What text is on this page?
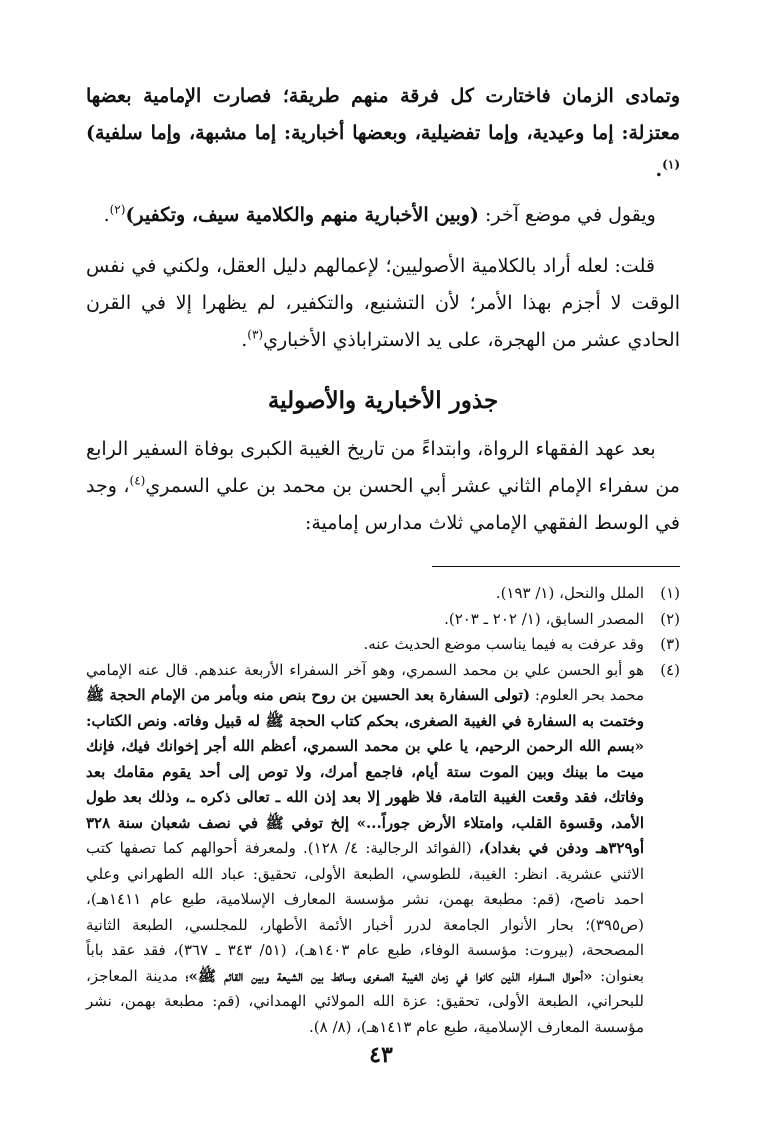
وتمادى الزمان فاختارت كل فرقة منهم طريقة؛ فصارت الإمامية بعضها معتزلة: إما وعيدية، وإما تفضيلية، وبعضها أخبارية: إما مشبهة، وإما سلفية)$^{(١)}$.

ويقول في موضع آخر: (وبين الأخبارية منهم والكلامية سيف، وتكفير)$^{(٢)}$.

قلت: لعله أراد بالكلامية الأصوليين؛ لإعمالهم دليل العقل، ولكني في نفس الوقت لا أجزم بهذا الأمر؛ لأن التشنيع، والتكفير، لم يظهرا إلا في القرن الحادي عشر من الهجرة، على يد الاستراباذي الأخباري$^{(٣)}$.

جذور الأخبارية والأصولية

بعد عهد الفقهاء الرواة، وابتداءً من تاريخ الغيبة الكبرى بوفاة السفير الرابع من سفراء الإمام الثاني عشر أبي الحسن بن محمد بن علي السمري$^{(٤)}$، وجد في الوسط الفقهي الإمامي ثلاث مدارس إمامية:

(١)
الملل والنحل، (١/ ١٩٣).
(٢)
المصدر السابق، (١/ ٢٠٢ ـ ٢٠٣).
(٣)
وقد عرفت به فيما يناسب موضع الحديث عنه.
(٤)
هو أبو الحسن علي بن محمد السمري، وهو آخر السفراء الأربعة عندهم. قال عنه الإمامي محمد بحر العلوم: (تولى السفارة بعد الحسين بن روح بنص منه وبأمر من الإمام الحجة ﷺ وختمت به السفارة في الغيبة الصغرى، بحكم كتاب الحجة ﷺ له قبيل وفاته. ونص الكتاب: «بسم الله الرحمن الرحيم، يا علي بن محمد السمري، أعظم الله أجر إخوانك فيك، فإنك ميت ما بينك وبين الموت ستة أيام، فاجمع أمرك، ولا توص إلى أحد يقوم مقامك بعد وفاتك، فقد وقعت الغيبة التامة، فلا ظهور إلا بعد إذن الله ـ تعالى ذكره ـ، وذلك بعد طول الأمد، وقسوة القلب، وامتلاء الأرض جوراً...» إلخ توفي ﷺ في نصف شعبان سنة ٣٢٨ أو٣٢٩هـ ودفن في بغداد)، (الفوائد الرجالية: ٤/ ١٢٨). ولمعرفة أحوالهم كما تصفها كتب الاثني عشرية. انظر: الغيبة، للطوسي، الطبعة الأولى، تحقيق: عباد الله الطهراني وعلي احمد ناصح، (قم: مطبعة بهمن، نشر مؤسسة المعارف الإسلامية، طبع عام ١٤١١هـ)، (ص٣٩٥)؛ بحار الأنوار الجامعة لدرر أخبار الأئمة الأطهار، للمجلسي، الطبعة الثانية المصححة، (بيروت: مؤسسة الوفاء، طبع عام ١٤٠٣هـ)، (٥١/ ٣٤٣ ـ ٣٦٧)، فقد عقد باباً بعنوان: «أحوال السفراء الذين كانوا في زمان الغيبة الصغرى وسائط بين الشيعة وبين القائم ﷺ»؛ مدينة المعاجز، للبحراني، الطبعة الأولى، تحقيق: عزة الله المولائي الهمداني، (قم: مطبعة بهمن، نشر مؤسسة المعارف الإسلامية، طبع عام ١٤١٣هـ)، (٨/ ٨).
٤٣
